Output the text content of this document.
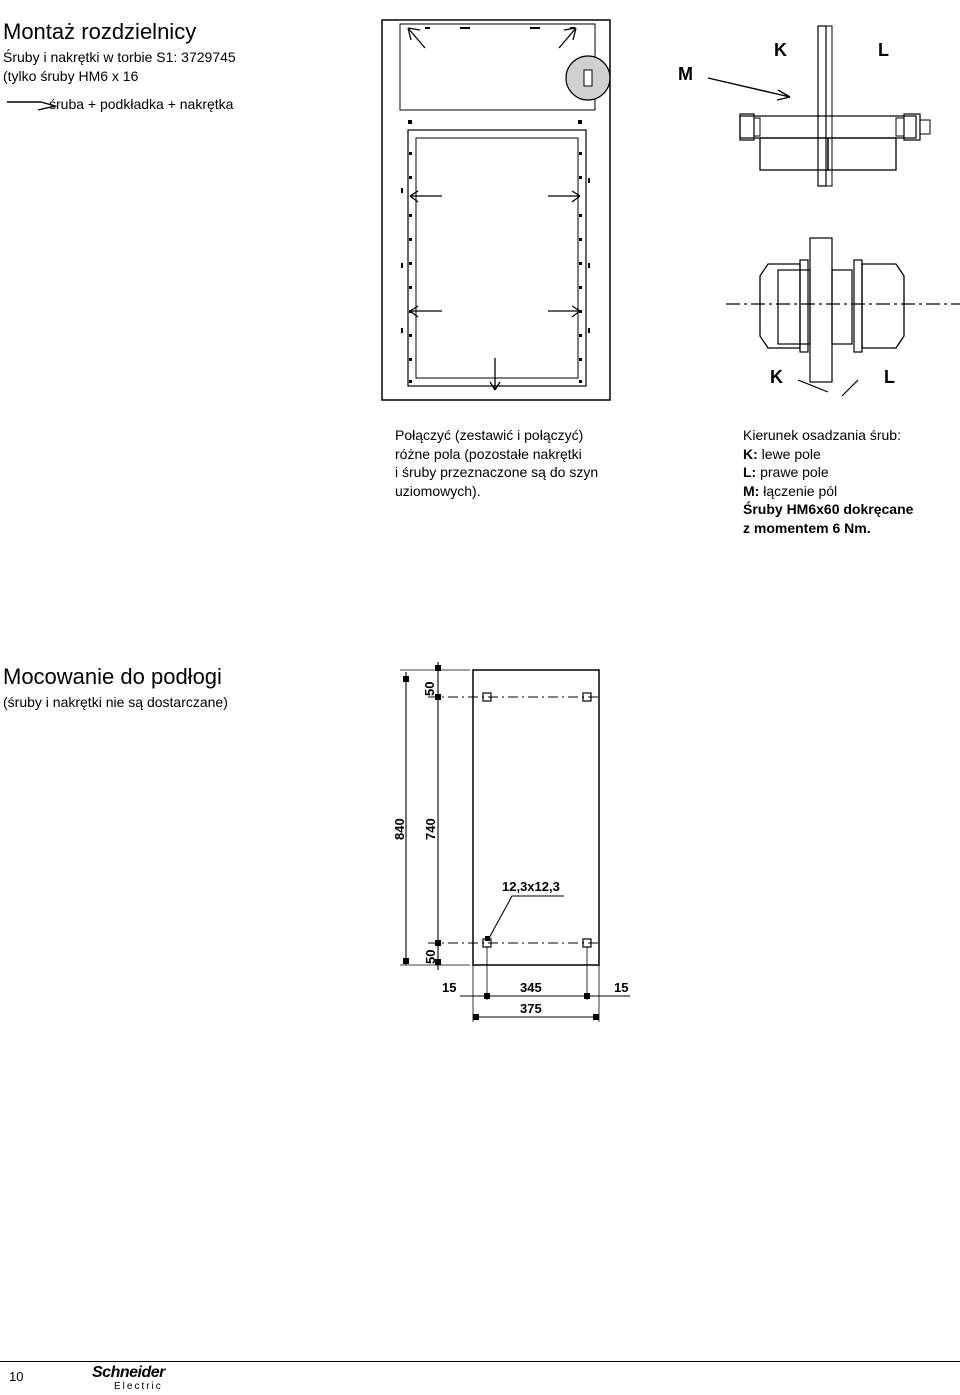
Montaż rozdzielnicy
Śruby i nakrętki w torbie S1: 3729745
(tylko śruby HM6 x 16
śruba + podkładka + nakrętka
M
K	L
K	L
Połączyć (zestawić i połączyć)
różne pola (pozostałe nakrętki
i śruby przeznaczone są do szyn
uziomowych).
Kierunek osadzania śrub:
K: lewe pole
L: prawe pole
M: łączenie pól
Śruby HM6x60 dokręcane
z momentem 6 Nm.
Mocowanie do podłogi
(śruby i nakrętki nie są dostarczane)
50
840 740
50
12,3x12,3
15	345	15
375
10	Schneider
Electric
